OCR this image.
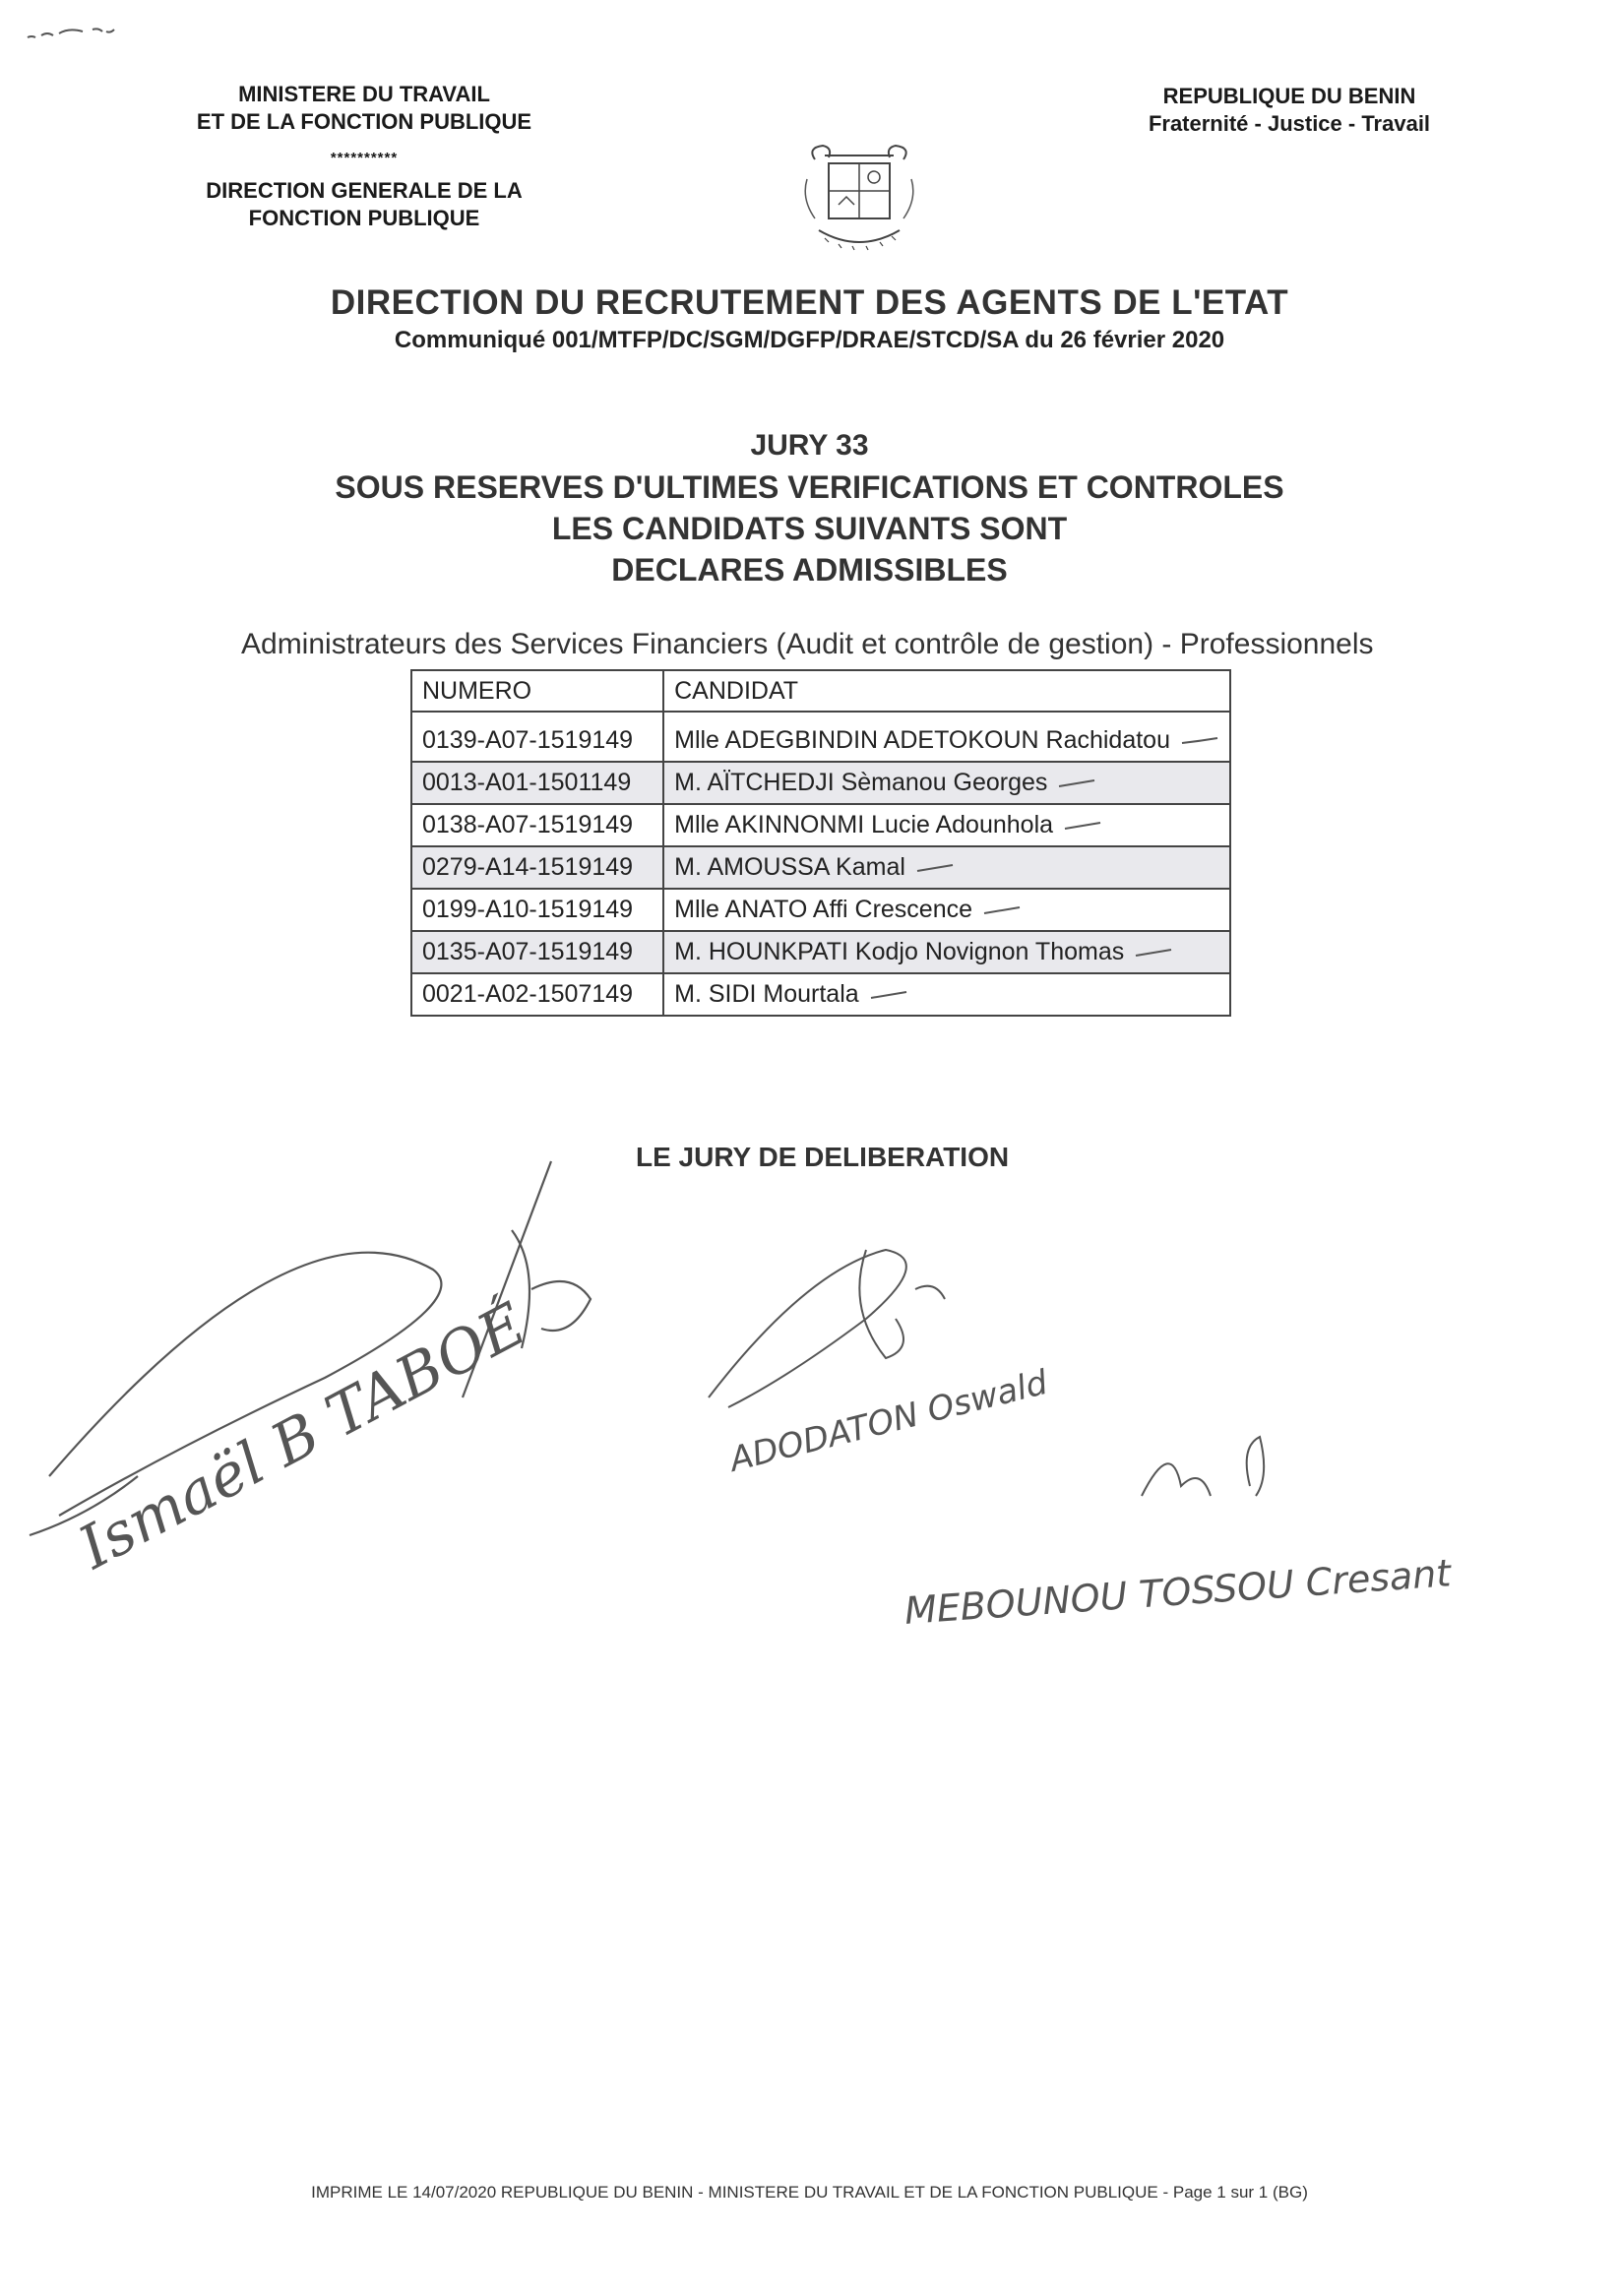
MINISTERE DU TRAVAIL
ET DE LA FONCTION PUBLIQUE
**********
DIRECTION GENERALE DE LA
FONCTION PUBLIQUE
REPUBLIQUE DU BENIN
Fraternité - Justice - Travail
DIRECTION DU RECRUTEMENT DES AGENTS DE L'ETAT
Communiqué 001/MTFP/DC/SGM/DGFP/DRAE/STCD/SA du 26 février 2020
JURY 33
SOUS RESERVES D'ULTIMES VERIFICATIONS ET CONTROLES
LES CANDIDATS SUIVANTS SONT
DECLARES ADMISSIBLES
Administrateurs des Services Financiers (Audit et contrôle de gestion) - Professionnels
NUMERO	CANDIDAT
0139-A07-1519149	Mlle ADEGBINDIN ADETOKOUN Rachidatou
0013-A01-1501149	M. AÏTCHEDJI Sèmanou Georges
0138-A07-1519149	Mlle AKINNONMI Lucie Adounhola
0279-A14-1519149	M. AMOUSSA Kamal
0199-A10-1519149	Mlle ANATO Affi Crescence
0135-A07-1519149	M. HOUNKPATI Kodjo Novignon Thomas
0021-A02-1507149	M. SIDI Mourtala
LE JURY DE DELIBERATION
Ismaël B TABOÉ	ADODATON Oswald
MEBOUNOU TOSSOU Cresant
IMPRIME LE 14/07/2020 REPUBLIQUE DU BENIN - MINISTERE DU TRAVAIL ET DE LA FONCTION PUBLIQUE - Page 1 sur 1 (BG)
